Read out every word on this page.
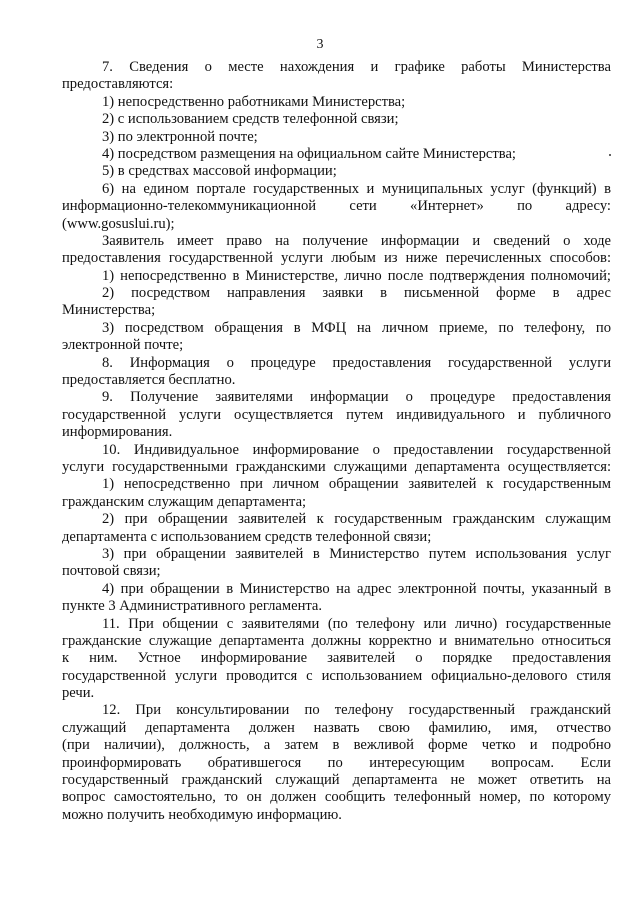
3
7. Сведения о месте нахождения и графике работы Министерства
предоставляются:
1) непосредственно работниками Министерства;
2) с использованием средств телефонной связи;
3) по электронной почте;
4) посредством размещения на официальном сайте Министерства;
5) в средствах массовой информации;
6) на едином портале государственных и муниципальных услуг (функций) в
информационно-телекоммуникационной сети «Интернет» по адресу:
(www.gosuslui.ru);
Заявитель имеет право на получение информации и сведений о ходе
предоставления государственной услуги любым из ниже перечисленных способов:
1) непосредственно в Министерстве, лично после подтверждения полномочий;
2) посредством направления заявки в письменной форме в адрес
Министерства;
3) посредством обращения в МФЦ на личном приеме, по телефону, по
электронной почте;
8. Информация о процедуре предоставления государственной услуги
предоставляется бесплатно.
9. Получение заявителями информации о процедуре предоставления
государственной услуги осуществляется путем индивидуального и публичного
информирования.
10. Индивидуальное информирование о предоставлении государственной
услуги государственными гражданскими служащими департамента осуществляется:
1) непосредственно при личном обращении заявителей к государственным
гражданским служащим департамента;
2) при обращении заявителей к государственным гражданским служащим
департамента с использованием средств телефонной связи;
3) при обращении заявителей в Министерство путем использования услуг
почтовой связи;
4) при обращении в Министерство на адрес электронной почты, указанный в
пункте 3 Административного регламента.
11. При общении с заявителями (по телефону или лично) государственные
гражданские служащие департамента должны корректно и внимательно относиться
к ним. Устное информирование заявителей о порядке предоставления
государственной услуги проводится с использованием официально-делового стиля
речи.
12. При консультировании по телефону государственный гражданский
служащий департамента должен назвать свою фамилию, имя, отчество
(при наличии), должность, а затем в вежливой форме четко и подробно
проинформировать обратившегося по интересующим вопросам. Если
государственный гражданский служащий департамента не может ответить на
вопрос самостоятельно, то он должен сообщить телефонный номер, по которому
можно получить необходимую информацию.
